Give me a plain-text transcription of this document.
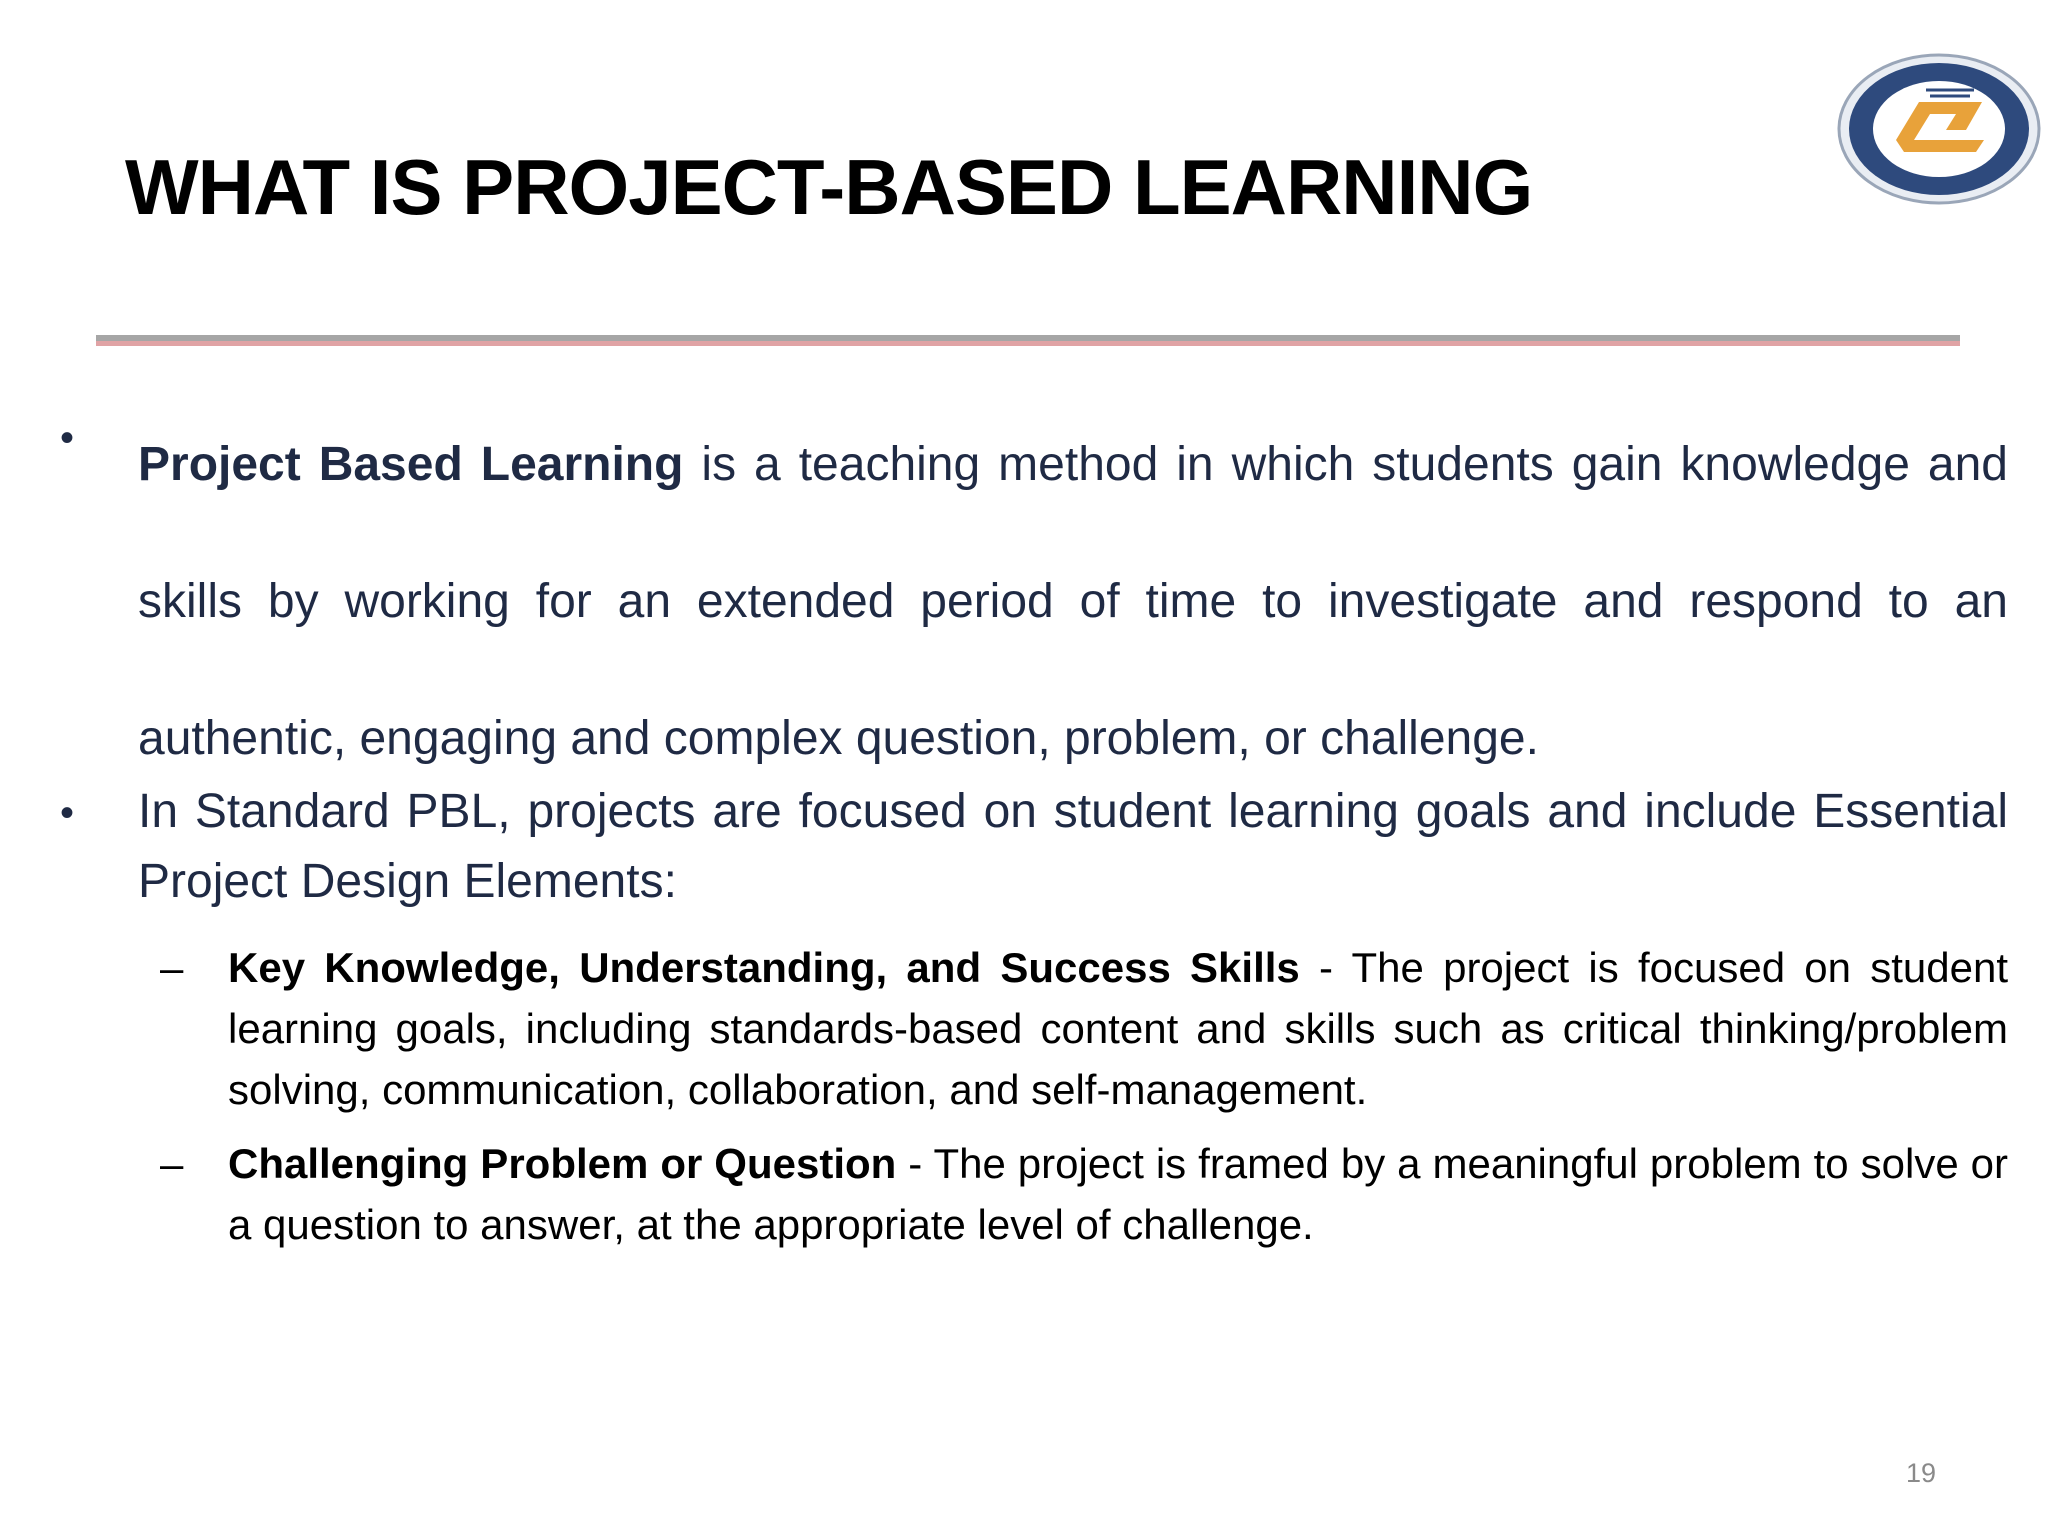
WHAT IS PROJECT-BASED LEARNING
• Project Based Learning is a teaching method in which students gain knowledge and skills by working for an extended period of time to investigate and respond to an authentic, engaging and complex question, problem, or challenge.

• In Standard PBL, projects are focused on student learning goals and include Essential Project Design Elements:

– Key Knowledge, Understanding, and Success Skills - The project is focused on student learning goals, including standards-based content and skills such as critical thinking/problem solving, communication, collaboration, and self-management.

– Challenging Problem or Question - The project is framed by a meaningful problem to solve or a question to answer, at the appropriate level of challenge.

19
